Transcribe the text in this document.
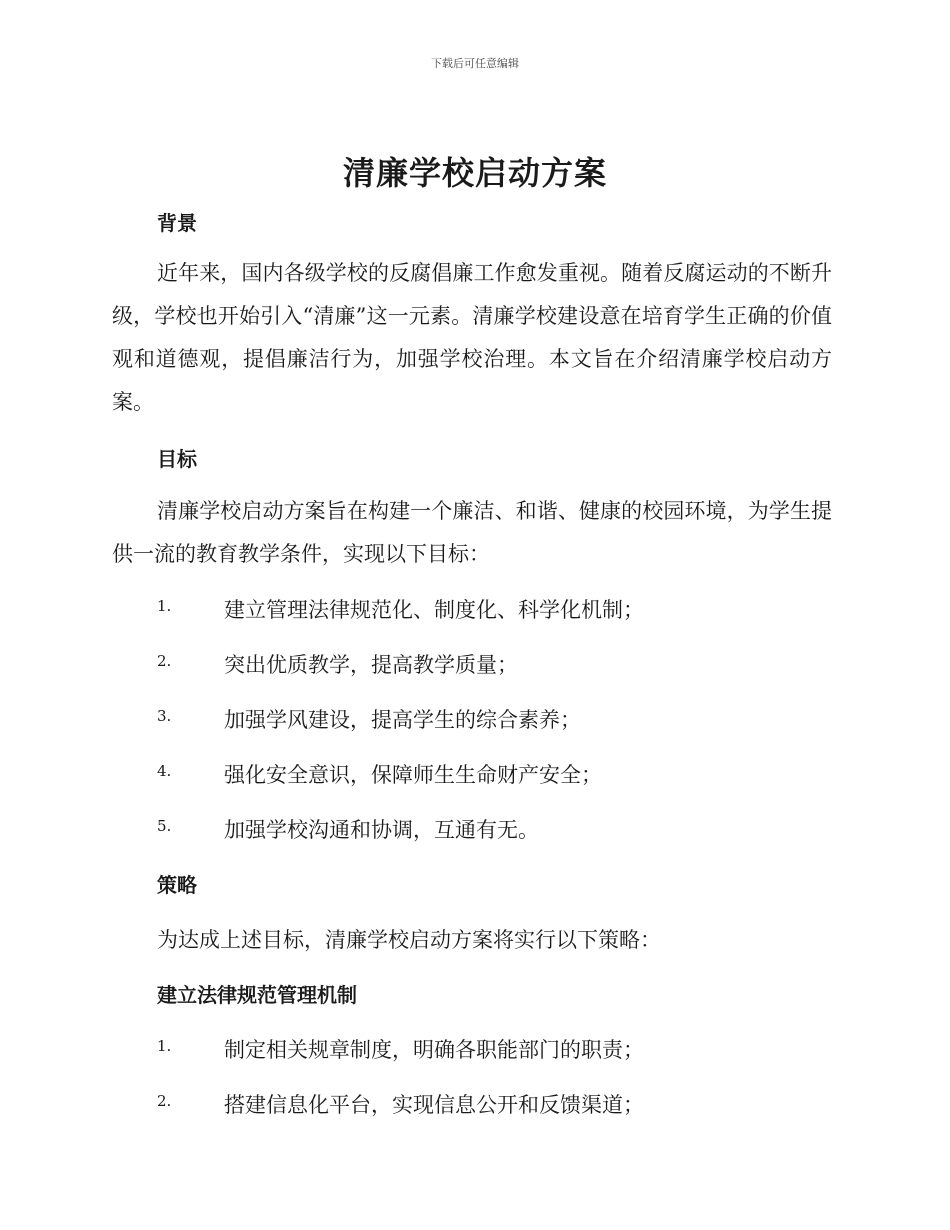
下载后可任意编辑
清廉学校启动方案
背景
近年来，国内各级学校的反腐倡廉工作愈发重视。随着反腐运动的不断升级，学校也开始引入“清廉”这一元素。清廉学校建设意在培育学生正确的价值观和道德观，提倡廉洁行为，加强学校治理。本文旨在介绍清廉学校启动方案。
目标
清廉学校启动方案旨在构建一个廉洁、和谐、健康的校园环境，为学生提供一流的教育教学条件，实现以下目标：
1.	建立管理法律规范化、制度化、科学化机制；
2.	突出优质教学，提高教学质量；
3.	加强学风建设，提高学生的综合素养；
4.	强化安全意识，保障师生生命财产安全；
5.	加强学校沟通和协调，互通有无。
策略
为达成上述目标，清廉学校启动方案将实行以下策略：
建立法律规范管理机制
1.	制定相关规章制度，明确各职能部门的职责；
2.	搭建信息化平台，实现信息公开和反馈渠道；
